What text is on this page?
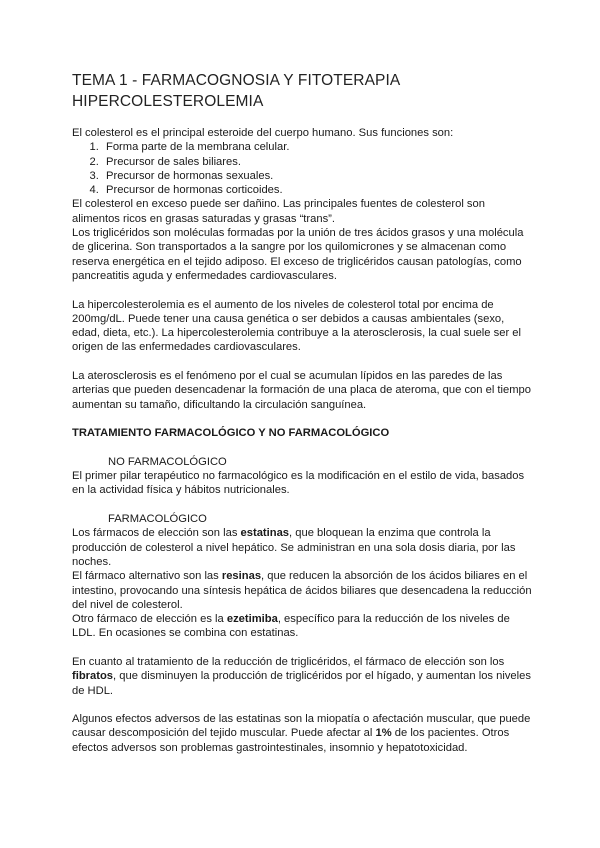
TEMA 1 - FARMACOGNOSIA Y FITOTERAPIA
HIPERCOLESTEROLEMIA

El colesterol es el principal esteroide del cuerpo humano. Sus funciones son:

1. Forma parte de la membrana celular.
2. Precursor de sales biliares.
3. Precursor de hormonas sexuales.
4. Precursor de hormonas corticoides.

El colesterol en exceso puede ser dañino. Las principales fuentes de colesterol son alimentos ricos en grasas saturadas y grasas “trans”.

Los triglicéridos son moléculas formadas por la unión de tres ácidos grasos y una molécula de glicerina. Son transportados a la sangre por los quilomicrones y se almacenan como reserva energética en el tejido adiposo. El exceso de triglicéridos causan patologías, como pancreatitis aguda y enfermedades cardiovasculares.

La hipercolesterolemia es el aumento de los niveles de colesterol total por encima de 200mg/dL. Puede tener una causa genética o ser debidos a causas ambientales (sexo, edad, dieta, etc.). La hipercolesterolemia contribuye a la aterosclerosis, la cual suele ser el origen de las enfermedades cardiovasculares.

La aterosclerosis es el fenómeno por el cual se acumulan lípidos en las paredes de las arterias que pueden desencadenar la formación de una placa de ateroma, que con el tiempo aumentan su tamaño, dificultando la circulación sanguínea.

TRATAMIENTO FARMACOLÓGICO Y NO FARMACOLÓGICO

NO FARMACOLÓGICO

El primer pilar terapéutico no farmacológico es la modificación en el estilo de vida, basados en la actividad física y hábitos nutricionales.

FARMACOLÓGICO

Los fármacos de elección son las estatinas, que bloquean la enzima que controla la producción de colesterol a nivel hepático. Se administran en una sola dosis diaria, por las noches.

El fármaco alternativo son las resinas, que reducen la absorción de los ácidos biliares en el intestino, provocando una síntesis hepática de ácidos biliares que desencadena la reducción del nivel de colesterol.

Otro fármaco de elección es la ezetimiba, específico para la reducción de los niveles de LDL. En ocasiones se combina con estatinas.

En cuanto al tratamiento de la reducción de triglicéridos, el fármaco de elección son los fibratos, que disminuyen la producción de triglicéridos por el hígado, y aumentan los niveles de HDL.

Algunos efectos adversos de las estatinas son la miopatía o afectación muscular, que puede causar descomposición del tejido muscular. Puede afectar al 1% de los pacientes. Otros efectos adversos son problemas gastrointestinales, insomnio y hepatotoxicidad.
